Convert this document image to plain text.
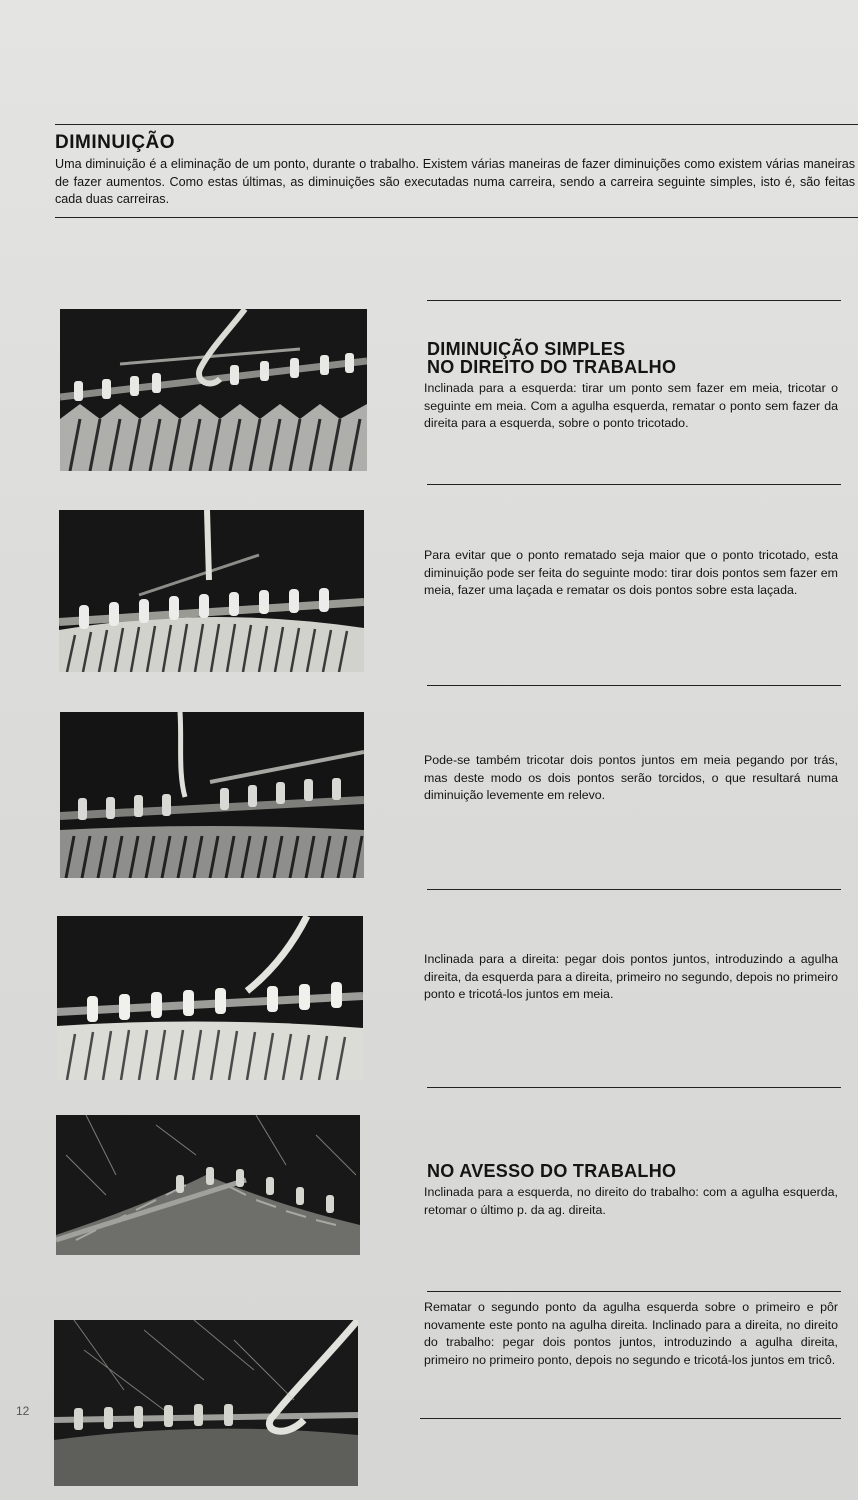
DIMINUIÇÃO

Uma diminuição é a eliminação de um ponto, durante o trabalho. Existem várias maneiras de fazer diminuições como existem várias maneiras de fazer aumentos. Como estas últimas, as diminuições são executadas numa carreira, sendo a carreira seguinte simples, isto é, são feitas cada duas carreiras.

DIMINUIÇÃO SIMPLES
NO DIREITO DO TRABALHO

Inclinada para a esquerda: tirar um ponto sem fazer em meia, tricotar o seguinte em meia. Com a agulha esquerda, rematar o ponto sem fazer da direita para a esquerda, sobre o ponto tricotado.

Para evitar que o ponto rematado seja maior que o ponto tricotado, esta diminuição pode ser feita do seguinte modo: tirar dois pontos sem fazer em meia, fazer uma laçada e rematar os dois pontos sobre esta laçada.

Pode-se também tricotar dois pontos juntos em meia pegando por trás, mas deste modo os dois pontos serão torcidos, o que resultará numa diminuição levemente em relevo.

Inclinada para a direita: pegar dois pontos juntos, introduzindo a agulha direita, da esquerda para a direita, primeiro no segundo, depois no primeiro ponto e tricotá-los juntos em meia.

NO AVESSO DO TRABALHO

Inclinada para a esquerda, no direito do trabalho: com a agulha esquerda, retomar o último p. da ag. direita.

Rematar o segundo ponto da agulha esquerda sobre o primeiro e pôr novamente este ponto na agulha direita. Inclinado para a direita, no direito do trabalho: pegar dois pontos juntos, introduzindo a agulha direita, primeiro no primeiro ponto, depois no segundo e tricotá-los juntos em tricô.

12
